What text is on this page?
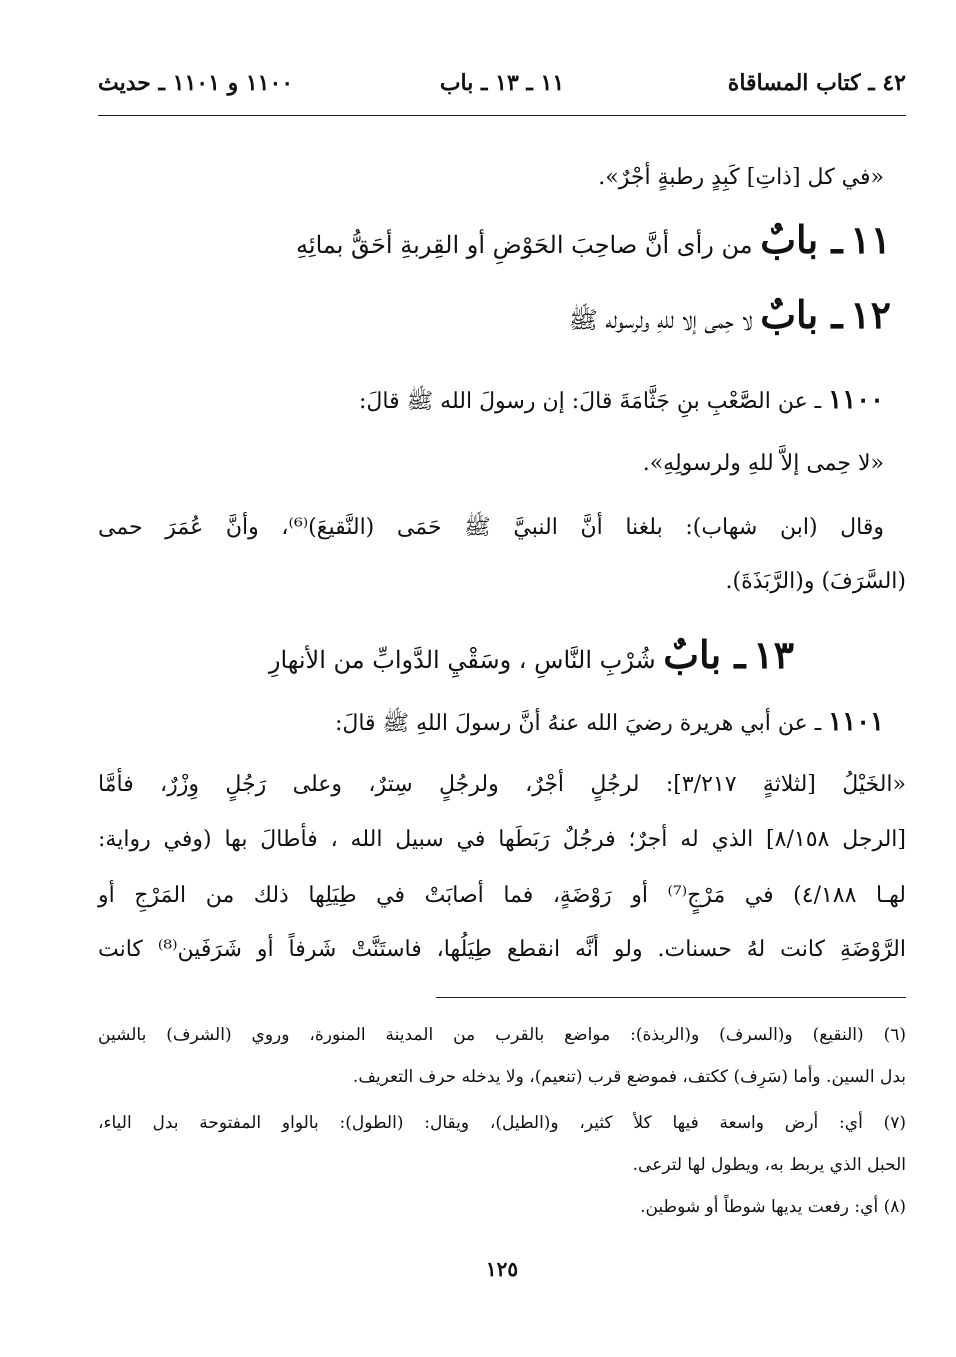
٤٢ ـ كتاب المساقاة
١١ ـ ١٣ ـ باب
١١٠٠ و ١١٠١ ـ حديث
«في كل [ذاتِ] كَبِدٍ رطبةٍ أجْرٌ».
١١ ـ بابٌ من رأى أنَّ صاحِبَ الحَوْضِ أو القِربةِ أحَقُّ بمائِهِ
١٢ ـ بابٌ لا حِمى إلا للهِ ولرسوله ﷺ
١١٠٠ ـ عن الصَّعْبِ بنِ جَثَّامَةَ قالَ: إن رسولَ الله ﷺ قالَ:
«لا حِمى إلاَّ للهِ ولرسولِهِ».
وقال (ابن شهاب): بلغنا أنَّ النبيَّ ﷺ حَمَى (النَّقيعَ)⁽⁶⁾، وأنَّ عُمَرَ حمى
(السَّرَفَ) و(الرَّبَذَةَ).
١٣ ـ بابٌ شُرْبِ النَّاسِ ، وسَقْيِ الدَّوابِّ من الأنهارِ
١١٠١ ـ عن أبي هريرة رضيَ الله عنهُ أنَّ رسولَ اللهِ ﷺ قالَ:
«الخَيْلُ [لثلاثةٍ ٣/٢١٧]: لرجُلٍ أجْرٌ، ولرجُلٍ سِترٌ، وعلى رَجُلٍ وِزْرٌ، فأمَّا
[الرجل ٨/١٥٨] الذي له أجرٌ؛ فرجُلٌ رَبَطَها في سبيل الله ، فأطالَ بها (وفي رواية:
لهـا ٤/١٨٨) في مَرْجٍ⁽⁷⁾ أو رَوْضَةٍ، فما أصابَتْ في طِيَلِها ذلك من المَرْجِ أو
الرَّوْضَةِ كانت لهُ حسنات. ولو أنَّه انقطع طِيَلُها، فاستَنَّتْ شَرفاً أو شَرَفَين⁽⁸⁾ كانت
(٦) (النقيع) و(السرف) و(الربذة): مواضع بالقرب من المدينة المنورة، وروي (الشرف) بالشين
بدل السين. وأما (سَرِف) ككتف، فموضع قرب (تنعيم)، ولا يدخله حرف التعريف.
(٧) أي: أرض واسعة فيها كلأ كثير، و(الطيل)، ويقال: (الطول): بالواو المفتوحة بدل الياء،
الحبل الذي يربط به، ويطول لها لترعى.
(٨) أي: رفعت يديها شوطاً أو شوطين.
١٢٥
